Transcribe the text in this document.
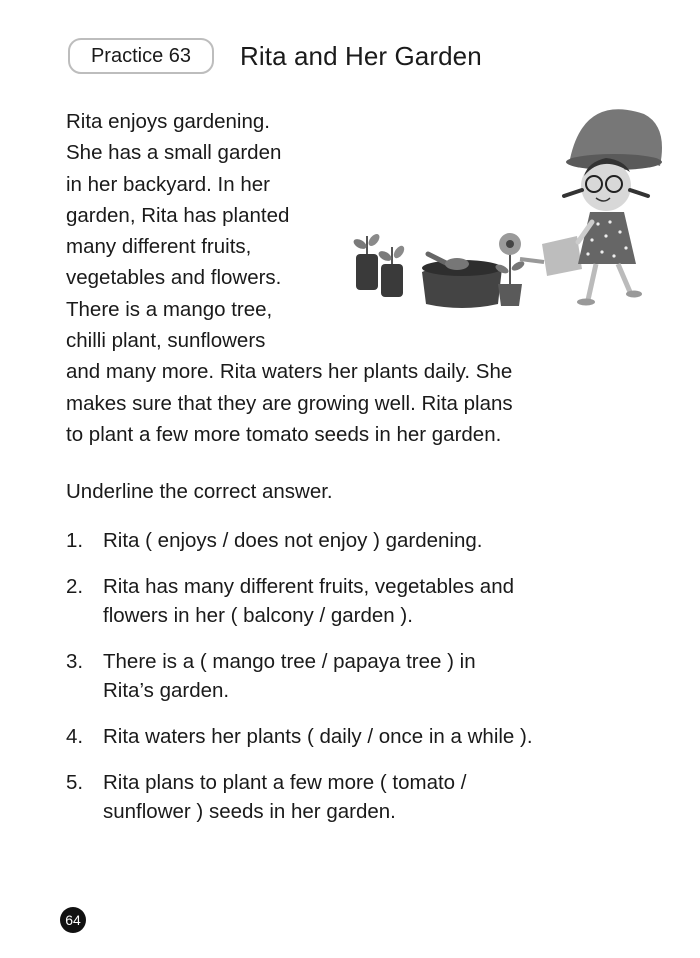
Practice 63	Rita and Her Garden
Rita enjoys gardening.
She has a small garden
in her backyard. In her
garden, Rita has planted
many different fruits,
vegetables and flowers.
There is a mango tree,
chilli plant, sunflowers
and many more. Rita waters her plants daily. She
makes sure that they are growing well. Rita plans
to plant a few more tomato seeds in her garden.
Underline the correct answer.
1. Rita ( enjoys / does not enjoy ) gardening.
2. Rita has many different fruits, vegetables and
flowers in her ( balcony / garden ).
3. There is a ( mango tree / papaya tree ) in
Rita’s garden.
4. Rita waters her plants ( daily / once in a while ).
5. Rita plans to plant a few more ( tomato /
sunflower ) seeds in her garden.
64
